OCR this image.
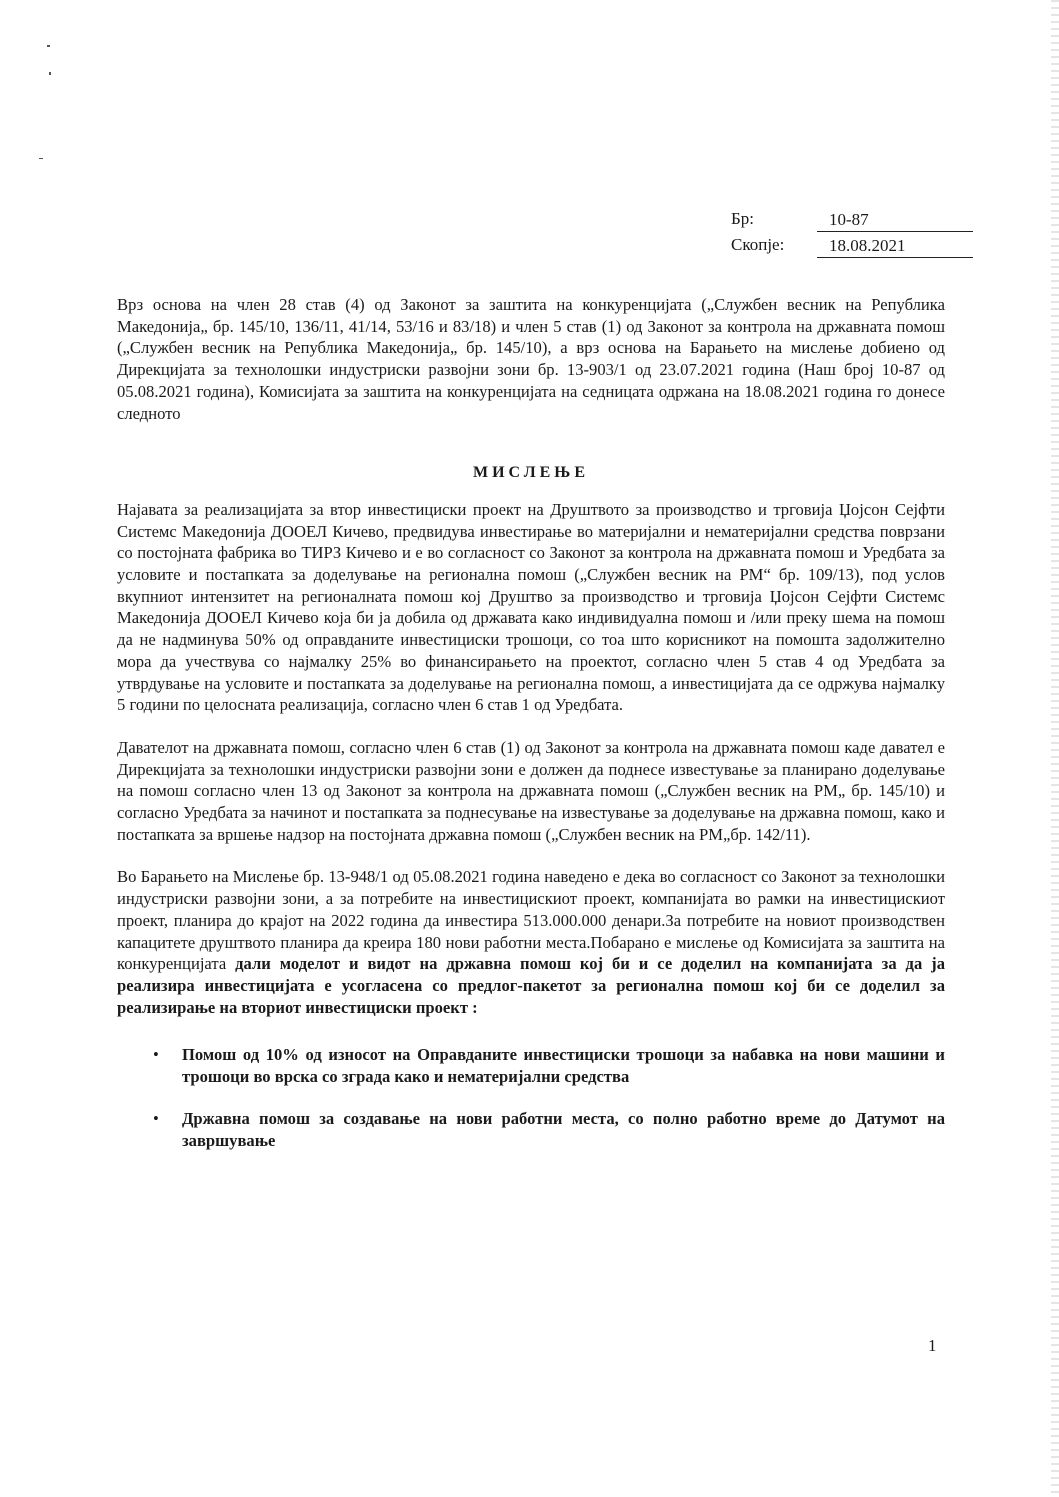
Бр:	10-87
Скопје:	18.08.2021

Врз основа на член 28 став (4) од Законот за заштита на конкуренцијата („Службен весник на Република Македонија„ бр. 145/10, 136/11, 41/14, 53/16 и 83/18) и член 5 став (1) од Законот за контрола на државната помош („Службен весник на Република Македонија„ бр. 145/10), а врз основа на Барањето на мислење добиено од Дирекцијата за технолошки индустриски развојни зони бр. 13-903/1 од 23.07.2021 година (Наш број 10-87 од 05.08.2021 година), Комисијата за заштита на конкуренцијата на седницата одржана на 18.08.2021 година го донесе следното

МИСЛЕЊЕ

Најавата за реализацијата за втор инвестициски проект на Друштвото за производство и трговија Џојсон Сејфти Системс Македонија ДООЕЛ Кичево, предвидува инвестирање во материјални и нематеријални средства поврзани со постојната фабрика во ТИРЗ Кичево и е во согласност со Законот за контрола на државната помош и Уредбата за условите и постапката за доделување на регионална помош („Службен весник на РМ“ бр. 109/13), под услов вкупниот интензитет на регионалната помош кој Друштво за производство и трговија Џојсон Сејфти Системс Македонија ДООЕЛ Кичево која би ја добила од државата како индивидуална помош и /или преку шема на помош да не надминува 50% од оправданите инвестициски трошоци, со тоа што корисникот на помошта задолжително мора да учествува со најмалку 25% во финансирањето на проектот, согласно член 5 став 4 од Уредбата за утврдување на условите и постапката за доделување на регионална помош, а инвестицијата да се одржува најмалку 5 години по целосната реализација, согласно член 6 став 1 од Уредбата.

Давателот на државната помош, согласно член 6 став (1) од Законот за контрола на државната помош каде давател е Дирекцијата за технолошки индустриски развојни зони е должен да поднесе известување за планирано доделување на помош согласно член 13 од Законот за контрола на државната помош („Службен весник на РМ„ бр. 145/10) и согласно Уредбата за начинот и постапката за поднесување на известување за доделување на државна помош, како и постапката за вршење надзор на постојната државна помош („Службен весник на РМ„бр. 142/11).

Во Барањето на Мислење бр. 13-948/1 од 05.08.2021 година наведено е дека во согласност со Законот за технолошки индустриски развојни зони, а за потребите на инвестицискиот проект, компанијата во рамки на инвестицискиот проект, планира до крајот на 2022 година да инвестира 513.000.000 денари.За потребите на новиот производствен капацитете друштвото планира да креира 180 нови работни места.Побарано е мислење од Комисијата за заштита на конкуренцијата дали моделот и видот на државна помош кој би и се доделил на компанијата за да ја реализира инвестицијата е усогласена со предлог-пакетот за регионална помош кој би се доделил за реализирање на вториот инвестициски проект :

• Помош од 10% од износот на Оправданите инвестициски трошоци за набавка на нови машини и трошоци во врска со зграда како и нематеријални средства
• Државна помош за создавање на нови работни места, со полно работно време до Датумот на завршување
1
